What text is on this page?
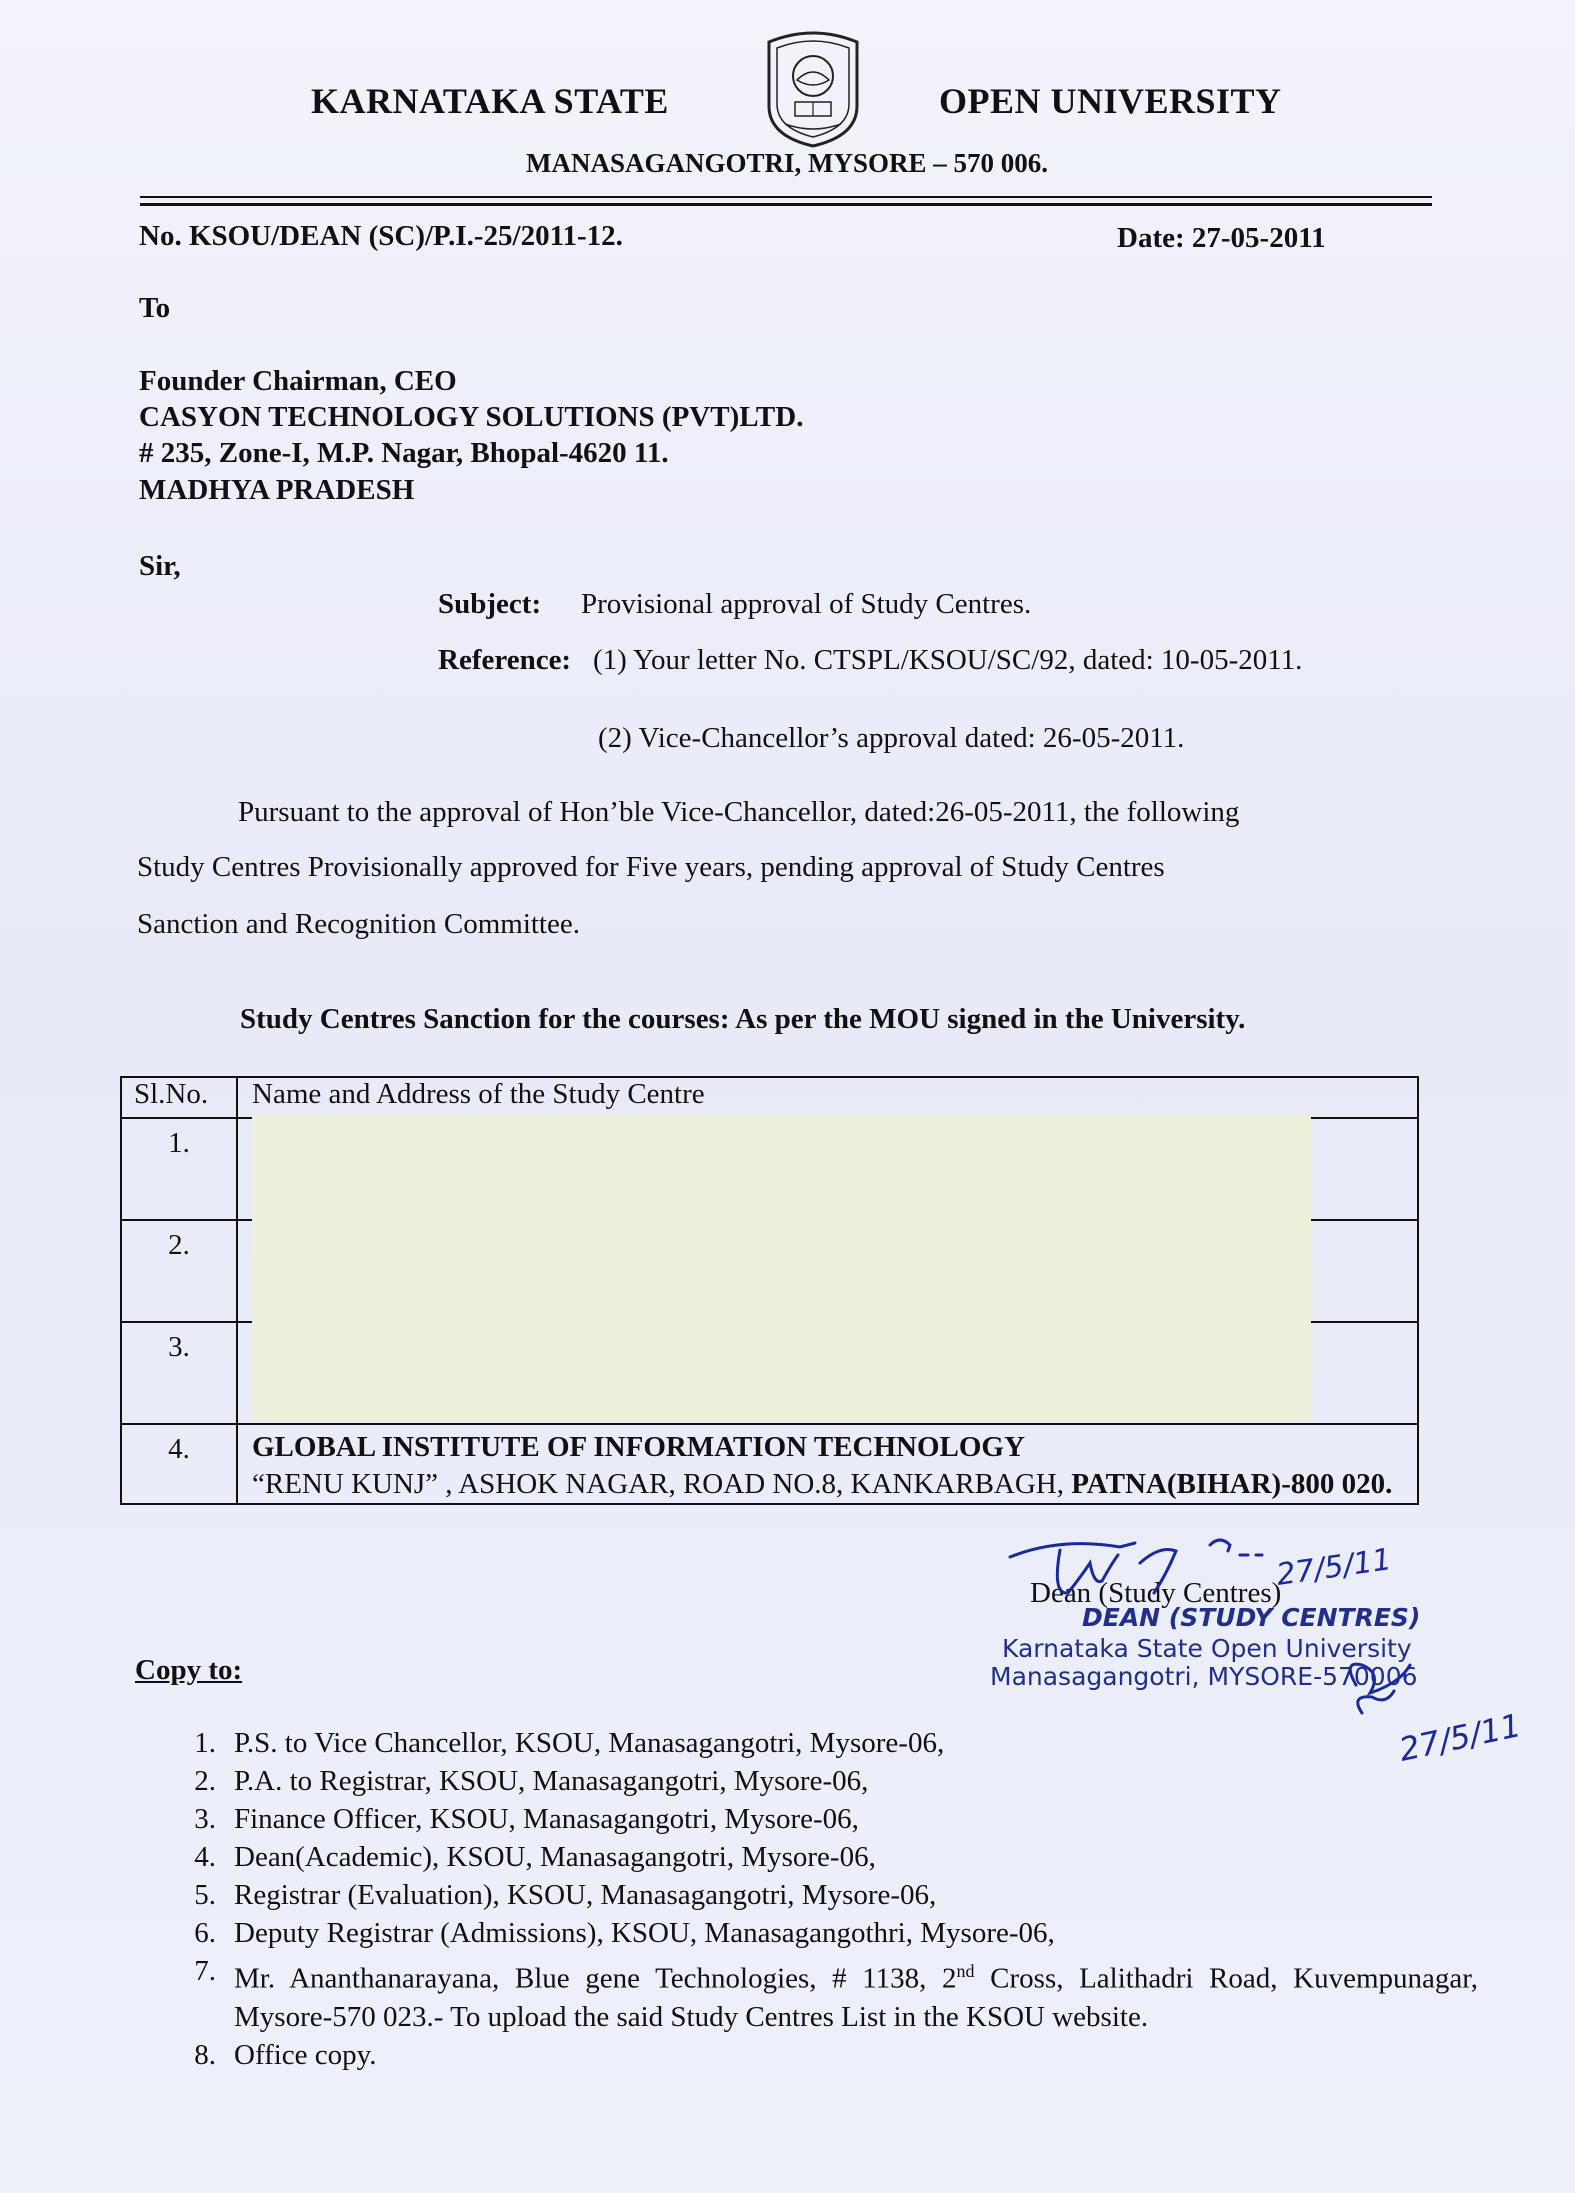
KARNATAKA STATE	OPEN UNIVERSITY
MANASAGANGOTRI, MYSORE – 570 006.
No. KSOU/DEAN (SC)/P.I.-25/2011-12.	Date: 27-05-2011
To
Founder Chairman, CEO
CASYON TECHNOLOGY SOLUTIONS (PVT)LTD.
# 235, Zone-I, M.P. Nagar, Bhopal-4620 11.
MADHYA PRADESH
Sir,
Subject: Provisional approval of Study Centres.
Reference: (1) Your letter No. CTSPL/KSOU/SC/92, dated: 10-05-2011.
(2) Vice-Chancellor’s approval dated: 26-05-2011.
Pursuant to the approval of Hon’ble Vice-Chancellor, dated:26-05-2011, the following
Study Centres Provisionally approved for Five years, pending approval of Study Centres
Sanction and Recognition Committee.
Study Centres Sanction for the courses: As per the MOU signed in the University.
Sl.No.	Name and Address of the Study Centre
1.	
2.	
3.	
4.	GLOBAL INSTITUTE OF INFORMATION TECHNOLOGY
“RENU KUNJ” , ASHOK NAGAR, ROAD NO.8, KANKARBAGH, PATNA(BIHAR)-800 020.
Dean (Study Centres)
DEAN (STUDY CENTRES)
Karnataka State Open University
Manasagangotri, MYSORE-570006
27/5/11
27/5/11
Copy to:
1. P.S. to Vice Chancellor, KSOU, Manasagangotri, Mysore-06,
2. P.A. to Registrar, KSOU, Manasagangotri, Mysore-06,
3. Finance Officer, KSOU, Manasagangotri, Mysore-06,
4. Dean(Academic), KSOU, Manasagangotri, Mysore-06,
5. Registrar (Evaluation), KSOU, Manasagangotri, Mysore-06,
6. Deputy Registrar (Admissions), KSOU, Manasagangothri, Mysore-06,
7. Mr. Ananthanarayana, Blue gene Technologies, # 1138, 2nd Cross, Lalithadri Road, Kuvempunagar, Mysore-570 023.- To upload the said Study Centres List in the KSOU website.
8. Office copy.
